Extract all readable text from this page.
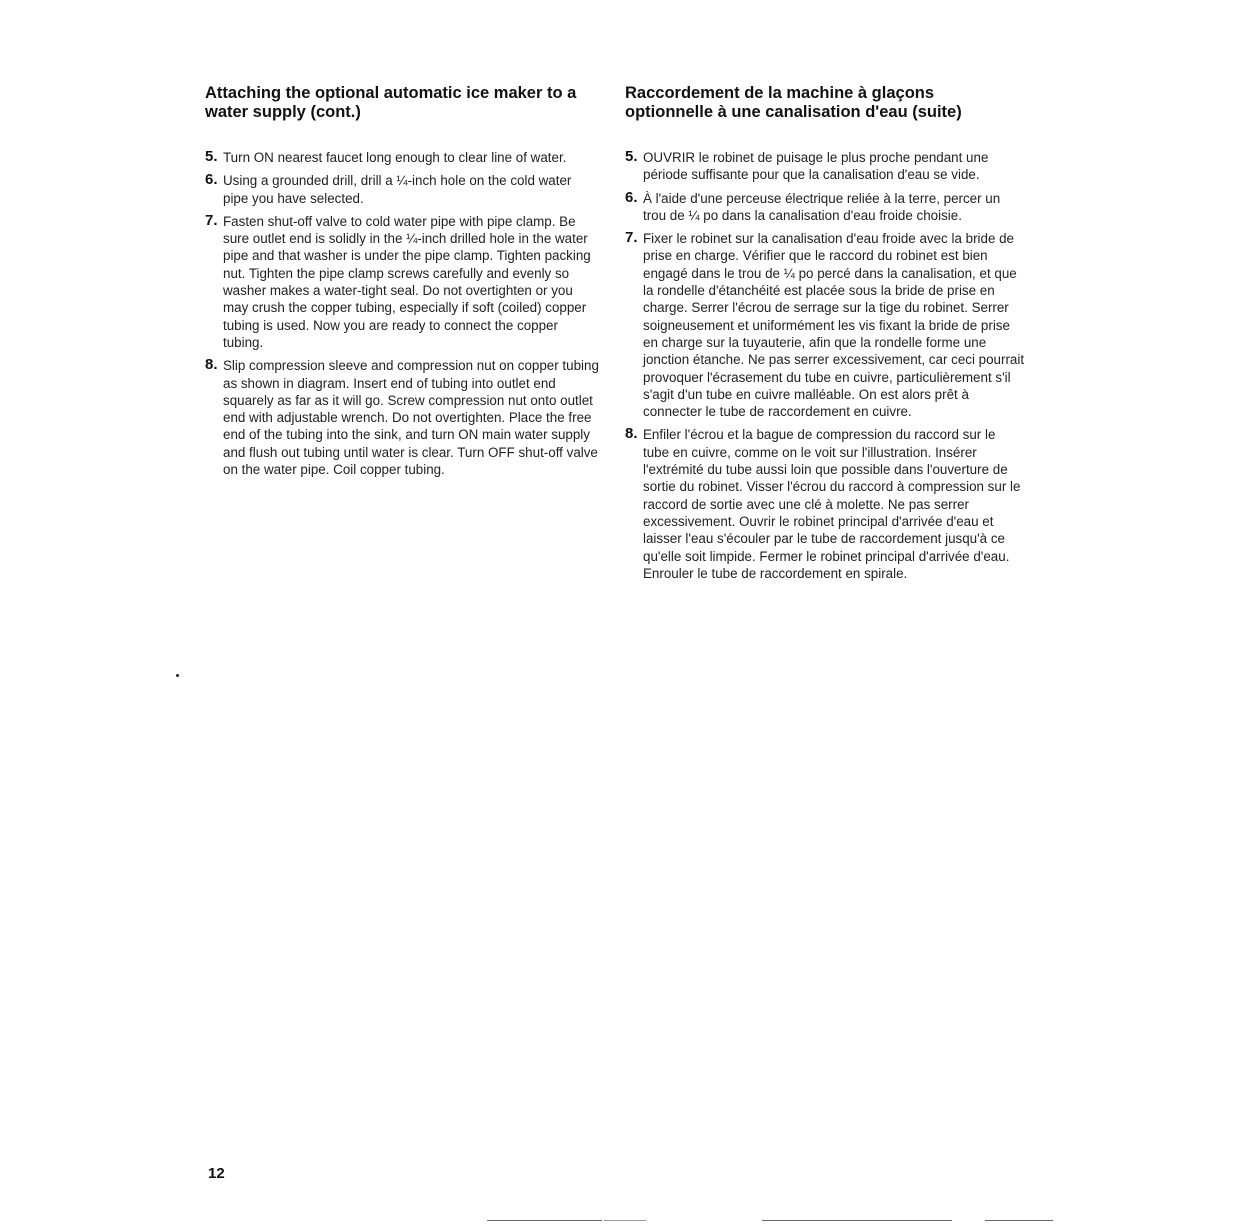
Attaching the optional automatic ice maker to a water supply (cont.)
5. Turn ON nearest faucet long enough to clear line of water.
6. Using a grounded drill, drill a ¼-inch hole on the cold water pipe you have selected.
7. Fasten shut-off valve to cold water pipe with pipe clamp. Be sure outlet end is solidly in the ¼-inch drilled hole in the water pipe and that washer is under the pipe clamp. Tighten packing nut. Tighten the pipe clamp screws carefully and evenly so washer makes a water-tight seal. Do not overtighten or you may crush the copper tubing, especially if soft (coiled) copper tubing is used. Now you are ready to connect the copper tubing.
8. Slip compression sleeve and compression nut on copper tubing as shown in diagram. Insert end of tubing into outlet end squarely as far as it will go. Screw compression nut onto outlet end with adjustable wrench. Do not overtighten. Place the free end of the tubing into the sink, and turn ON main water supply and flush out tubing until water is clear. Turn OFF shut-off valve on the water pipe. Coil copper tubing.
Raccordement de la machine à glaçons optionnelle à une canalisation d'eau (suite)
5. OUVRIR le robinet de puisage le plus proche pendant une période suffisante pour que la canalisation d'eau se vide.
6. À l'aide d'une perceuse électrique reliée à la terre, percer un trou de ¼ po dans la canalisation d'eau froide choisie.
7. Fixer le robinet sur la canalisation d'eau froide avec la bride de prise en charge. Vérifier que le raccord du robinet est bien engagé dans le trou de ¼ po percé dans la canalisation, et que la rondelle d'étanchéité est placée sous la bride de prise en charge. Serrer l'écrou de serrage sur la tige du robinet. Serrer soigneusement et uniformément les vis fixant la bride de prise en charge sur la tuyauterie, afin que la rondelle forme une jonction étanche. Ne pas serrer excessivement, car ceci pourrait provoquer l'écrasement du tube en cuivre, particulièrement s'il s'agit d'un tube en cuivre malléable. On est alors prêt à connecter le tube de raccordement en cuivre.
8. Enfiler l'écrou et la bague de compression du raccord sur le tube en cuivre, comme on le voit sur l'illustration. Insérer l'extrémité du tube aussi loin que possible dans l'ouverture de sortie du robinet. Visser l'écrou du raccord à compression sur le raccord de sortie avec une clé à molette. Ne pas serrer excessivement. Ouvrir le robinet principal d'arrivée d'eau et laisser l'eau s'écouler par le tube de raccordement jusqu'à ce qu'elle soit limpide. Fermer le robinet principal d'arrivée d'eau. Enrouler le tube de raccordement en spirale.
12
